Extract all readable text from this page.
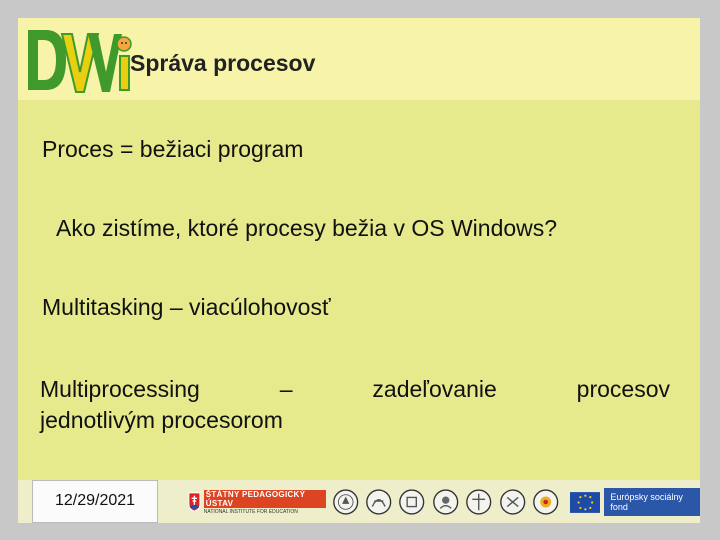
Správa procesov
Proces = bežiaci program
Ako zistíme, ktoré procesy bežia v OS Windows?
Multitasking – viacúlohovosť
Multiprocessing	–	zadeľovanie	procesov
jednotlivým procesorom
12/29/2021	ŠTÁTNY PEDAGOGICKÝ ÚSTAV
NATIONAL INSTITUTE FOR EDUCATION
Európsky sociálny fond
